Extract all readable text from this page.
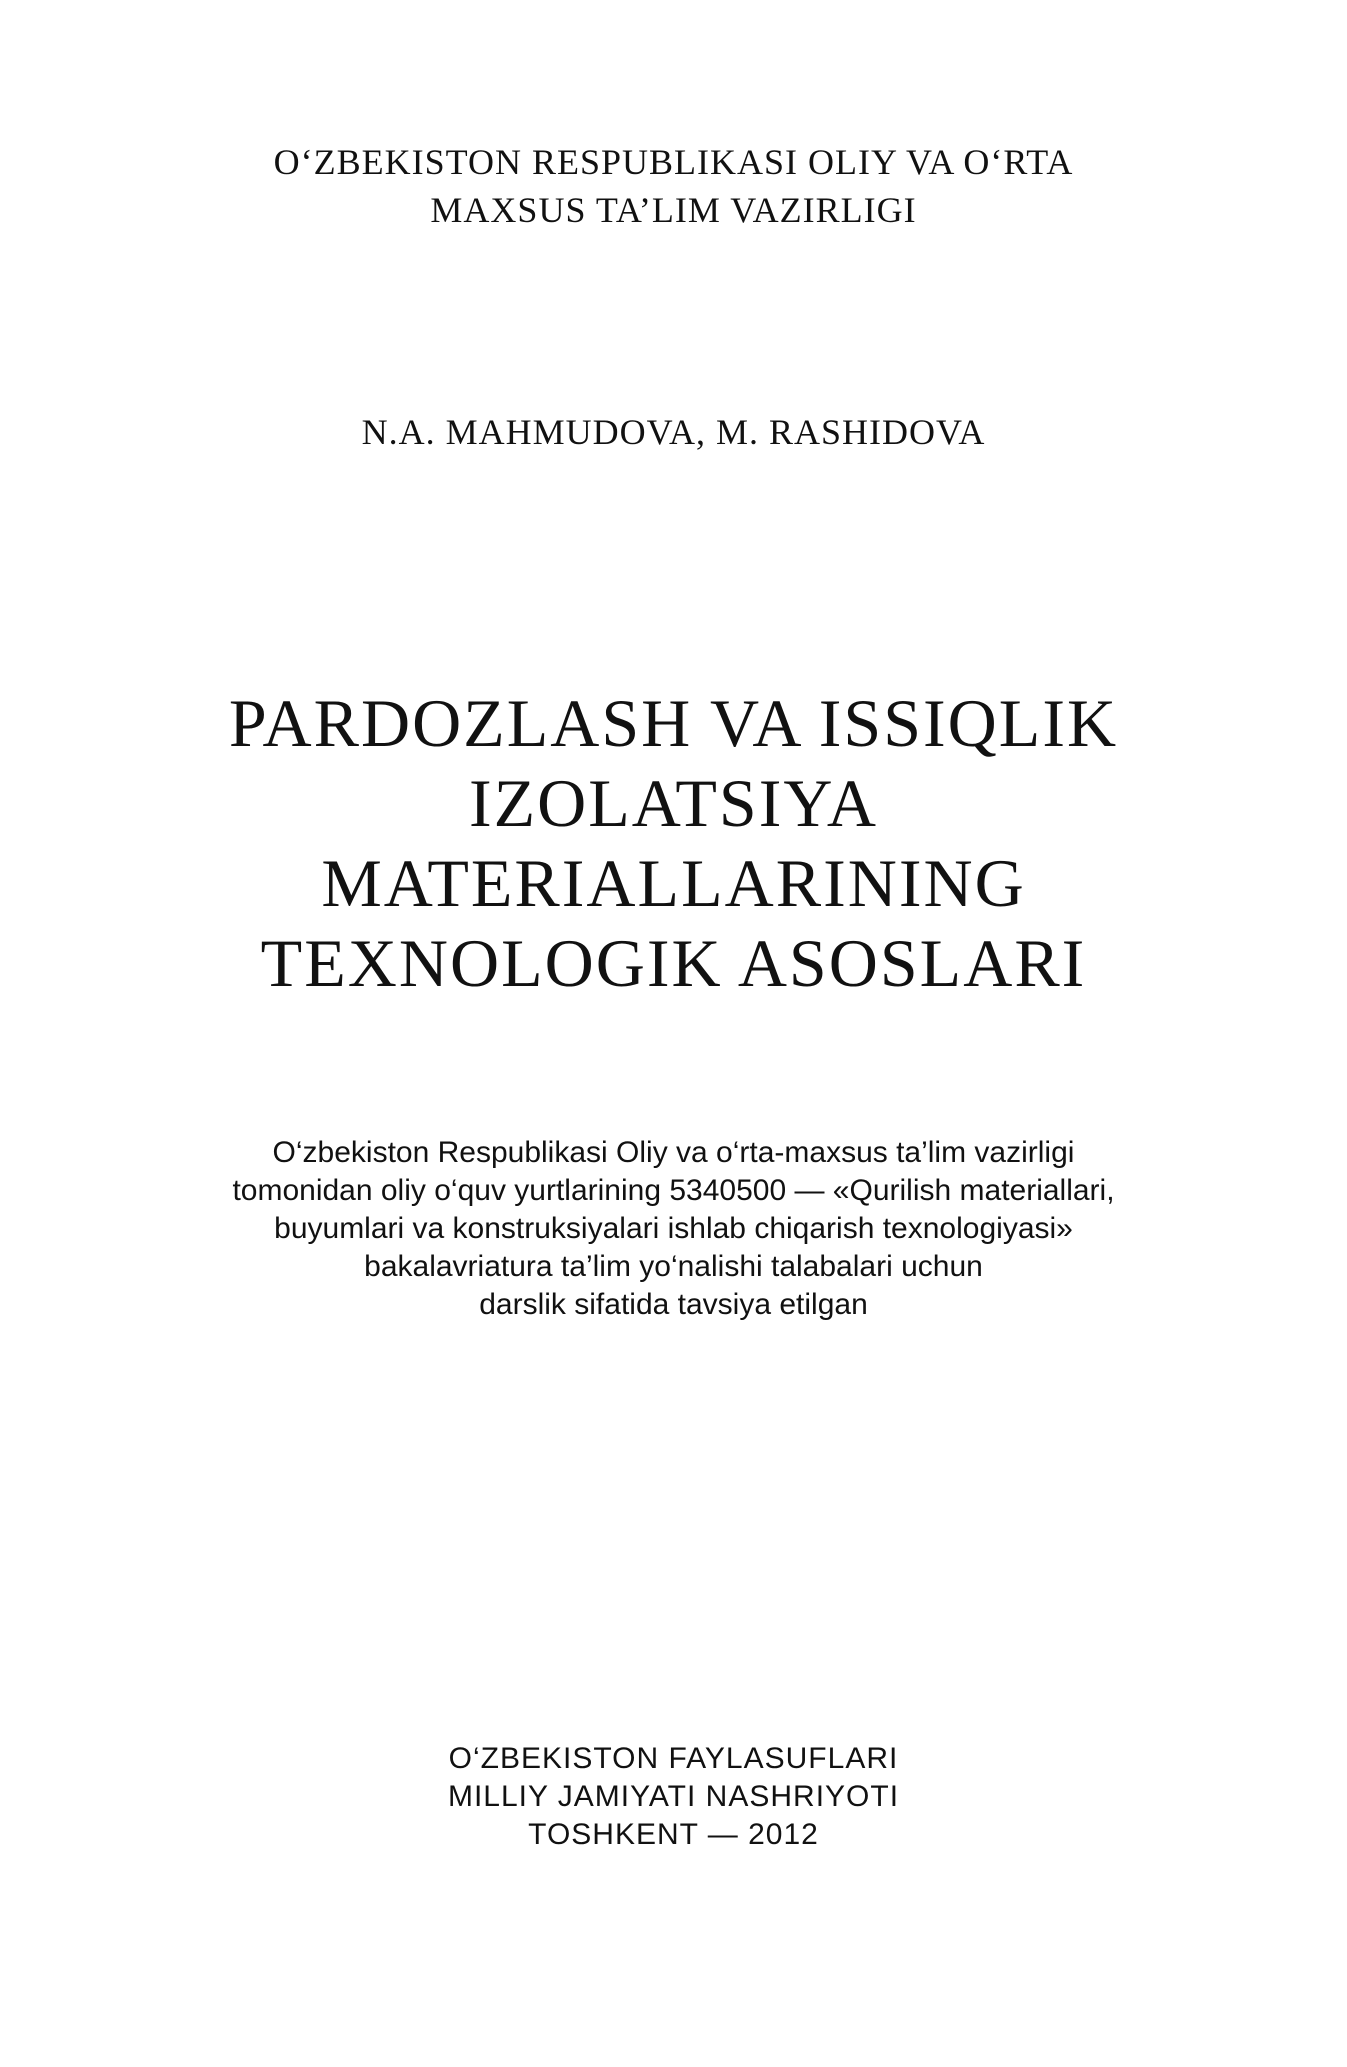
O‘ZBEKISTON RESPUBLIKASI OLIY VA O‘RTA
MAXSUS TA’LIM VAZIRLIGI
N.A. MAHMUDOVA, M. RASHIDOVA
PARDOZLASH VA ISSIQLIK
IZOLATSIYA
MATERIALLARINING
TEXNOLOGIK ASOSLARI
O‘zbekiston Respublikasi Oliy va o‘rta-maxsus ta’lim vazirligi
tomonidan oliy o‘quv yurtlarining 5340500 — «Qurilish materiallari,
buyumlari va konstruksiyalari ishlab chiqarish texnologiyasi»
bakalavriatura ta’lim yo‘nalishi talabalari uchun
darslik sifatida tavsiya etilgan
O‘ZBEKISTON FAYLASUFLARI
MILLIY JAMIYATI NASHRIYOTI
TOSHKENT — 2012
